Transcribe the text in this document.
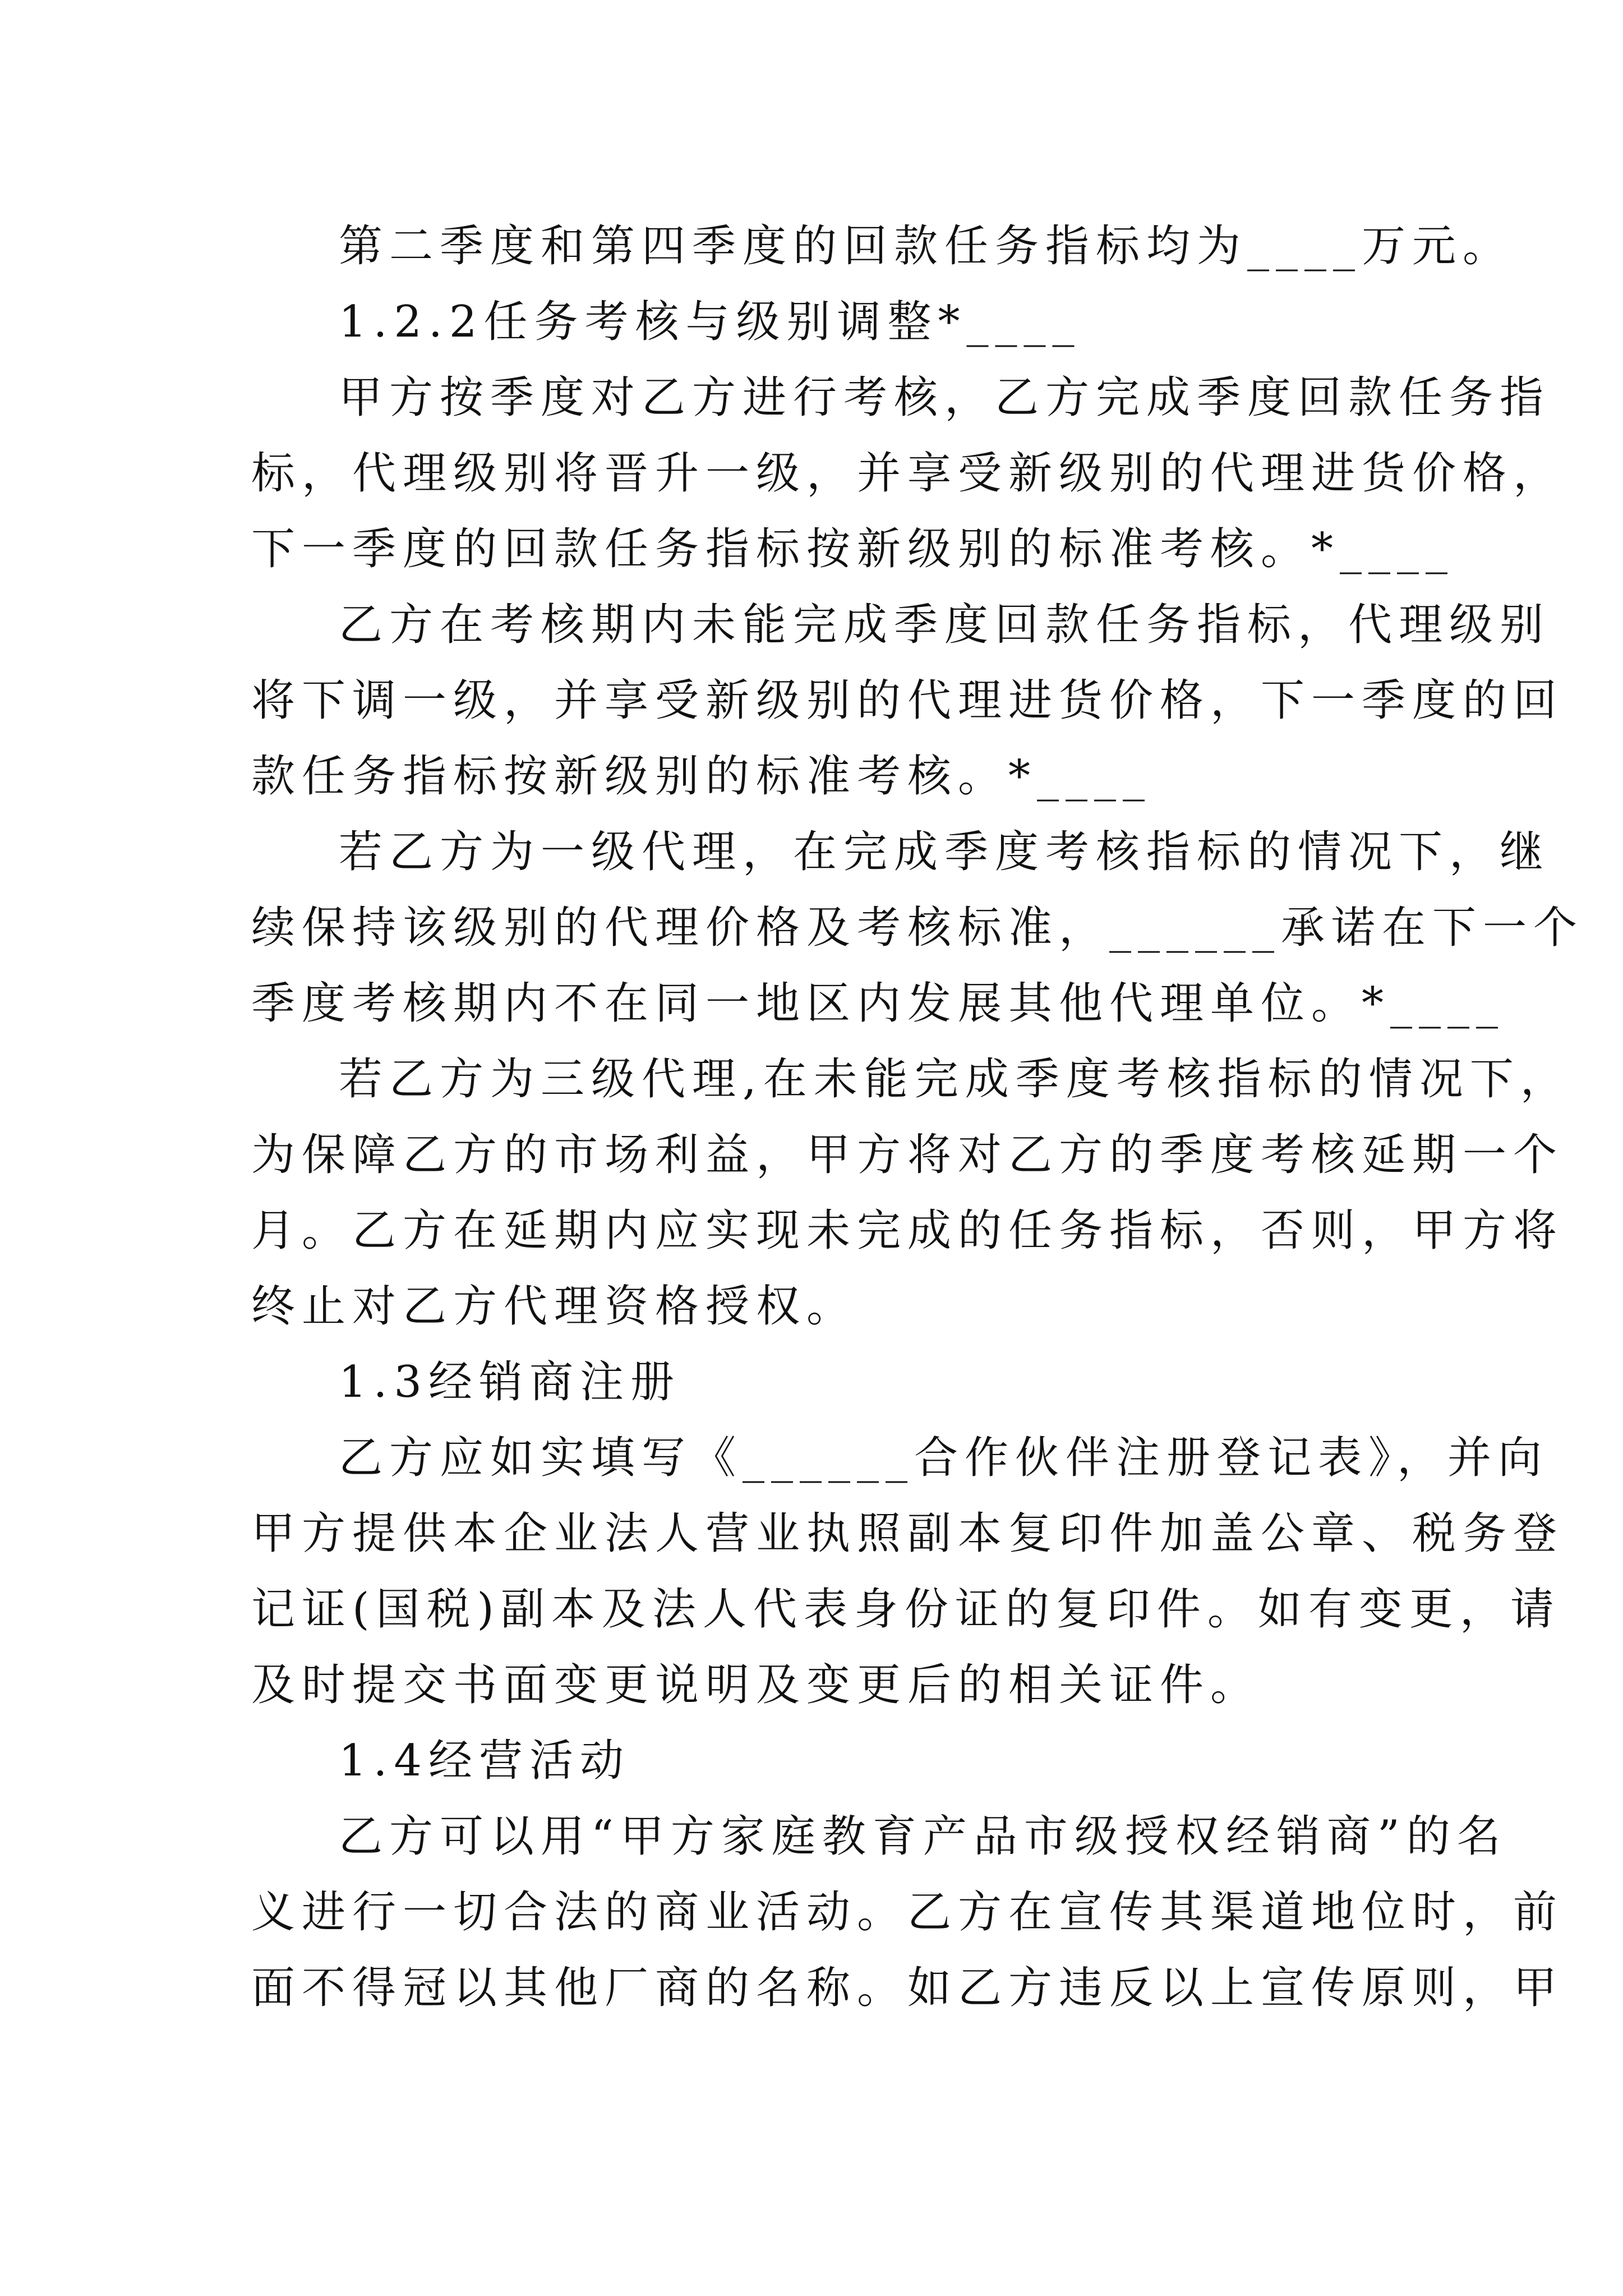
第二季度和第四季度的回款任务指标均为____万元。
1.2.2任务考核与级别调整*____
甲方按季度对乙方进行考核，乙方完成季度回款任务指
标，代理级别将晋升一级，并享受新级别的代理进货价格，
下一季度的回款任务指标按新级别的标准考核。*____
乙方在考核期内未能完成季度回款任务指标，代理级别
将下调一级，并享受新级别的代理进货价格，下一季度的回
款任务指标按新级别的标准考核。*____
若乙方为一级代理，在完成季度考核指标的情况下，继
续保持该级别的代理价格及考核标准，______承诺在下一个
季度考核期内不在同一地区内发展其他代理单位。*____
若乙方为三级代理,在未能完成季度考核指标的情况下，
为保障乙方的市场利益，甲方将对乙方的季度考核延期一个
月。乙方在延期内应实现未完成的任务指标，否则，甲方将
终止对乙方代理资格授权。
1.3经销商注册
乙方应如实填写《______合作伙伴注册登记表》，并向
甲方提供本企业法人营业执照副本复印件加盖公章、税务登
记证(国税)副本及法人代表身份证的复印件。如有变更，请
及时提交书面变更说明及变更后的相关证件。
1.4经营活动
乙方可以用“甲方家庭教育产品市级授权经销商”的名
义进行一切合法的商业活动。乙方在宣传其渠道地位时，前
面不得冠以其他厂商的名称。如乙方违反以上宣传原则，甲
